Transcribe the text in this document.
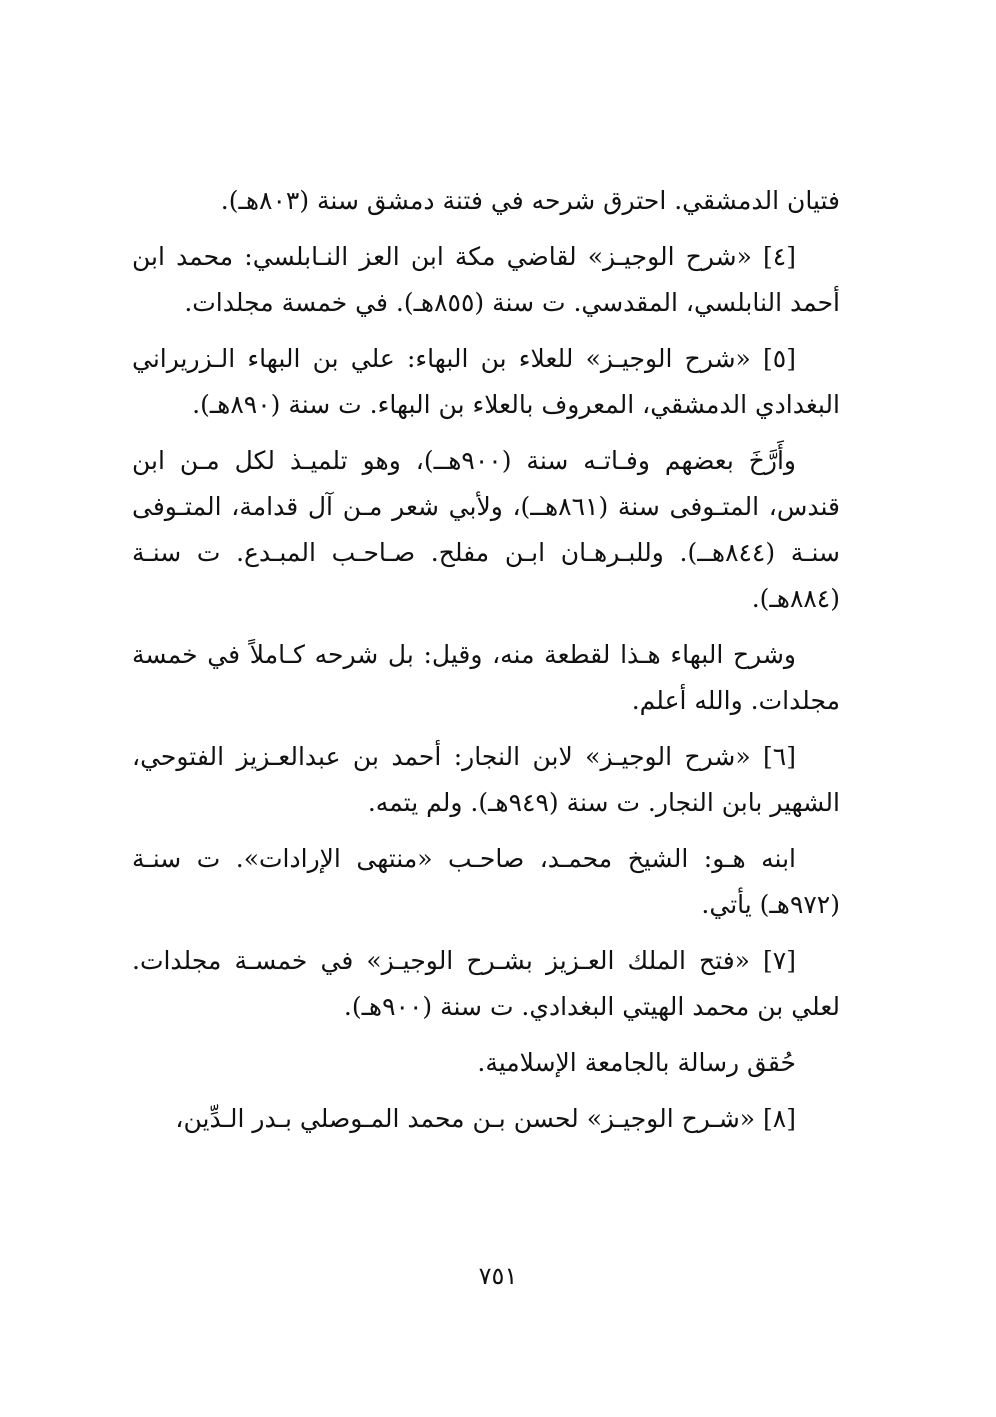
فتيان الدمشقي. احترق شرحه في فتنة دمشق سنة (٨٠٣هـ).

[٤] «شرح الوجيـز» لقاضي مكة ابن العز النـابلسي: محمد ابن أحمد النابلسي، المقدسي. ت سنة (٨٥٥هـ). في خمسة مجلدات.

[٥] «شرح الوجيـز» للعلاء بن البهاء: علي بن البهاء الـزريراني البغدادي الدمشقي، المعروف بالعلاء بن البهاء. ت سنة (٨٩٠هـ).

وأَرَّخَ بعضهم وفـاتـه سنة (٩٠٠هــ)، وهو تلميـذ لكل مـن ابن قندس، المتـوفى سنة (٨٦١هــ)، ولأبي شعر مـن آل قدامة، المتـوفى سنـة (٨٤٤هــ). وللبـرهـان ابـن مفلح. صـاحـب المبـدع. ت سنـة (٨٨٤هـ).

وشرح البهاء هـذا لقطعة منه، وقيل: بل شرحه كـاملاً في خمسة مجلدات. والله أعلم.

[٦] «شرح الوجيـز» لابن النجار: أحمد بن عبدالعـزيز الفتوحي، الشهير بابن النجار. ت سنة (٩٤٩هـ). ولم يتمه.

ابنه هـو: الشيخ محمـد، صاحـب «منتهى الإرادات». ت سنـة (٩٧٢هـ) يأتي.

[٧] «فتح الملك العـزيز بشـرح الوجيـز» في خمسـة مجلدات. لعلي بن محمد الهيتي البغدادي. ت سنة (٩٠٠هـ).

حُقق رسالة بالجامعة الإسلامية.

[٨] «شـرح الوجيـز» لحسن بـن محمد المـوصلي بـدر الـدِّين،

٧٥١
